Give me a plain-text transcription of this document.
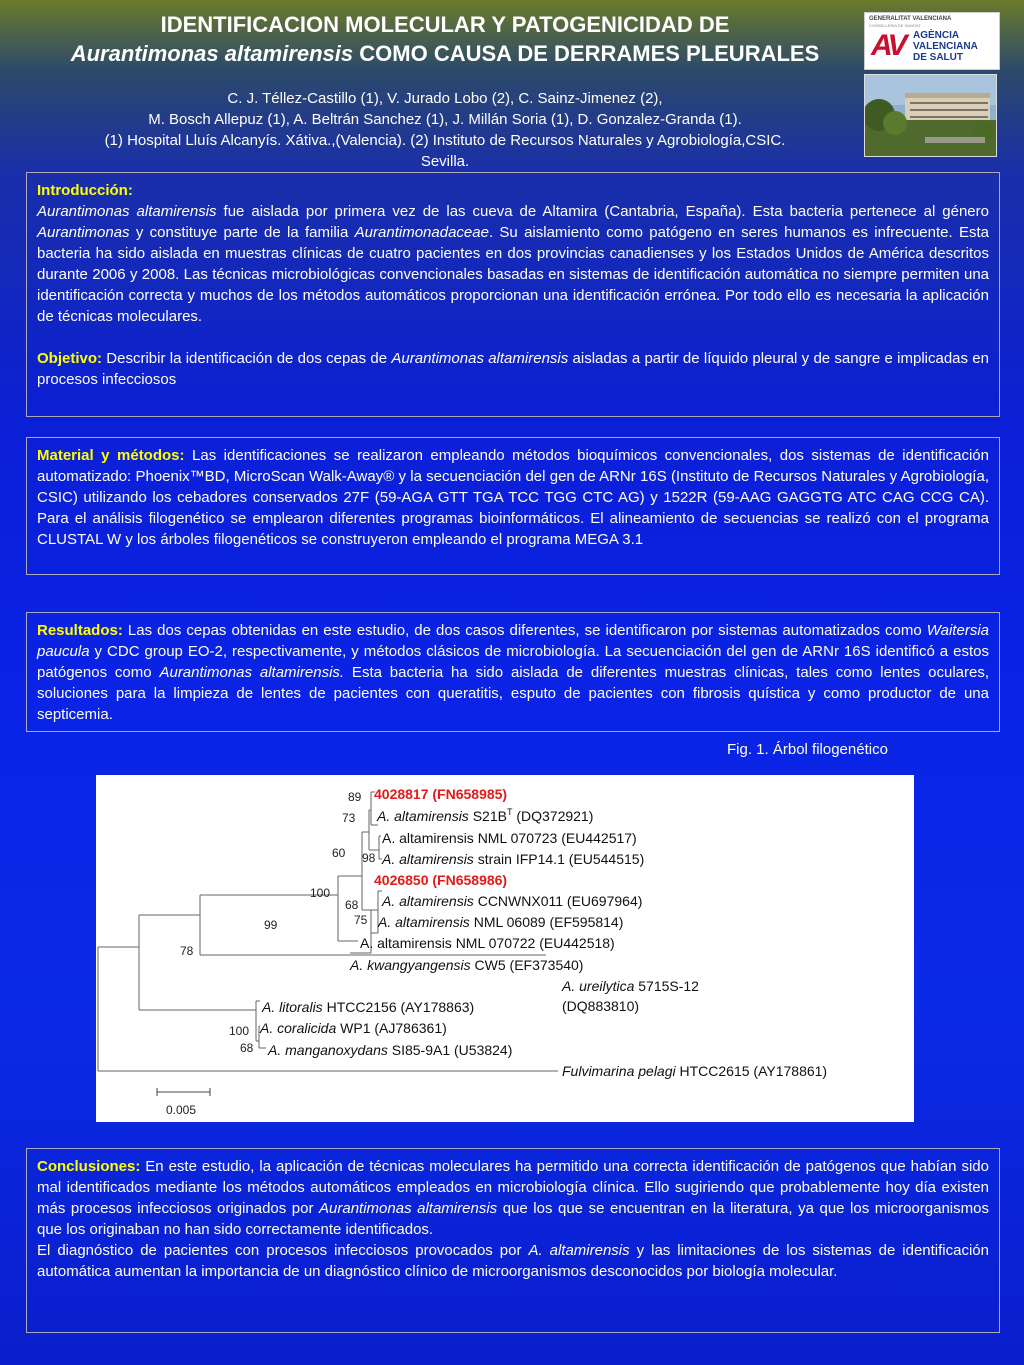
IDENTIFICACION MOLECULAR Y PATOGENICIDAD DE
Aurantimonas altamirensis COMO CAUSA DE DERRAMES PLEURALES
C. J. Téllez-Castillo (1), V. Jurado Lobo (2), C. Sainz-Jimenez (2),
M. Bosch Allepuz (1), A. Beltrán Sanchez (1), J. Millán Soria (1), D. Gonzalez-Granda (1).
(1) Hospital Lluís Alcanyís. Xátiva.,(Valencia). (2) Instituto de Recursos Naturales y Agrobiología,CSIC.
Sevilla.
GENERALITAT VALENCIANA
CONSELLERIA DE SANITAT
AV AGÈNCIA
VALENCIANA
DE SALUT

Introducción:

Aurantimonas altamirensis fue aislada por primera vez de las cueva de Altamira (Cantabria, España). Esta bacteria pertenece al género Aurantimonas y constituye parte de la familia Aurantimonadaceae. Su aislamiento como patógeno en seres humanos es infrecuente. Esta bacteria ha sido aislada en muestras clínicas de cuatro pacientes en dos provincias canadienses y los Estados Unidos de América descritos durante 2006 y 2008. Las técnicas microbiológicas convencionales basadas en sistemas de identificación automática no siempre permiten una identificación correcta y muchos de los métodos automáticos proporcionan una identificación errónea. Por todo ello es necesaria la aplicación de técnicas moleculares.

Objetivo: Describir la identificación de dos cepas de Aurantimonas altamirensis aisladas a partir de líquido pleural y de sangre e implicadas en procesos infecciosos

Material y métodos: Las identificaciones se realizaron empleando métodos bioquímicos convencionales, dos sistemas de identificación automatizado: Phoenix™BD, MicroScan Walk-Away® y la secuenciación del gen de ARNr 16S (Instituto de Recursos Naturales y Agrobiología, CSIC) utilizando los cebadores conservados 27F (59-AGA GTT TGA TCC TGG CTC AG) y 1522R (59-AAG GAGGTG ATC CAG CCG CA). Para el análisis filogenético se emplearon diferentes programas bioinformáticos. El alineamiento de secuencias se realizó con el programa CLUSTAL W y los árboles filogenéticos se construyeron empleando el programa MEGA 3.1

Resultados: Las dos cepas obtenidas en este estudio, de dos casos diferentes, se identificaron por sistemas automatizados como Waitersia paucula y CDC group EO-2, respectivamente, y métodos clásicos de microbiología. La secuenciación del gen de ARNr 16S identificó a estos patógenos como Aurantimonas altamirensis. Esta bacteria ha sido aislada de diferentes muestras clínicas, tales como lentes oculares, soluciones para la limpieza de lentes de pacientes con queratitis, esputo de pacientes con fibrosis quística y como productor de una septicemia.

Fig. 1. Árbol filogenético
89
73
60 98
100
68
75
99
78
100
68
4028817 (FN658985)
A. altamirensis $S21B^T$ (DQ372921)
A. altamirensis NML 070723 (EU442517)
A. altamirensis strain IFP14.1 (EU544515)
4026850 (FN658986)
A. altamirensis CCNWNX011 (EU697964)
A. altamirensis NML 06089 (EF595814)
A. altamirensis NML 070722 (EU442518)
A. kwangyangensis CW5 (EF373540)
A. ureilytica 5715S-12
(DQ883810)
A. litoralis HTCC2156 (AY178863)
A. coralicida WP1 (AJ786361)
A. manganoxydans SI85-9A1 (U53824)
Fulvimarina pelagi HTCC2615 (AY178861)
0.005

Conclusiones: En este estudio, la aplicación de técnicas moleculares ha permitido una correcta identificación de patógenos que habían sido mal identificados mediante los métodos automáticos empleados en microbiología clínica. Ello sugiriendo que probablemente hoy día existen más procesos infecciosos originados por Aurantimonas altamirensis que los que se encuentran en la literatura, ya que los microorganismos que los originaban no han sido correctamente identificados.

El diagnóstico de pacientes con procesos infecciosos provocados por A. altamirensis y las limitaciones de los sistemas de identificación automática aumentan la importancia de un diagnóstico clínico de microorganismos desconocidos por biología molecular.
